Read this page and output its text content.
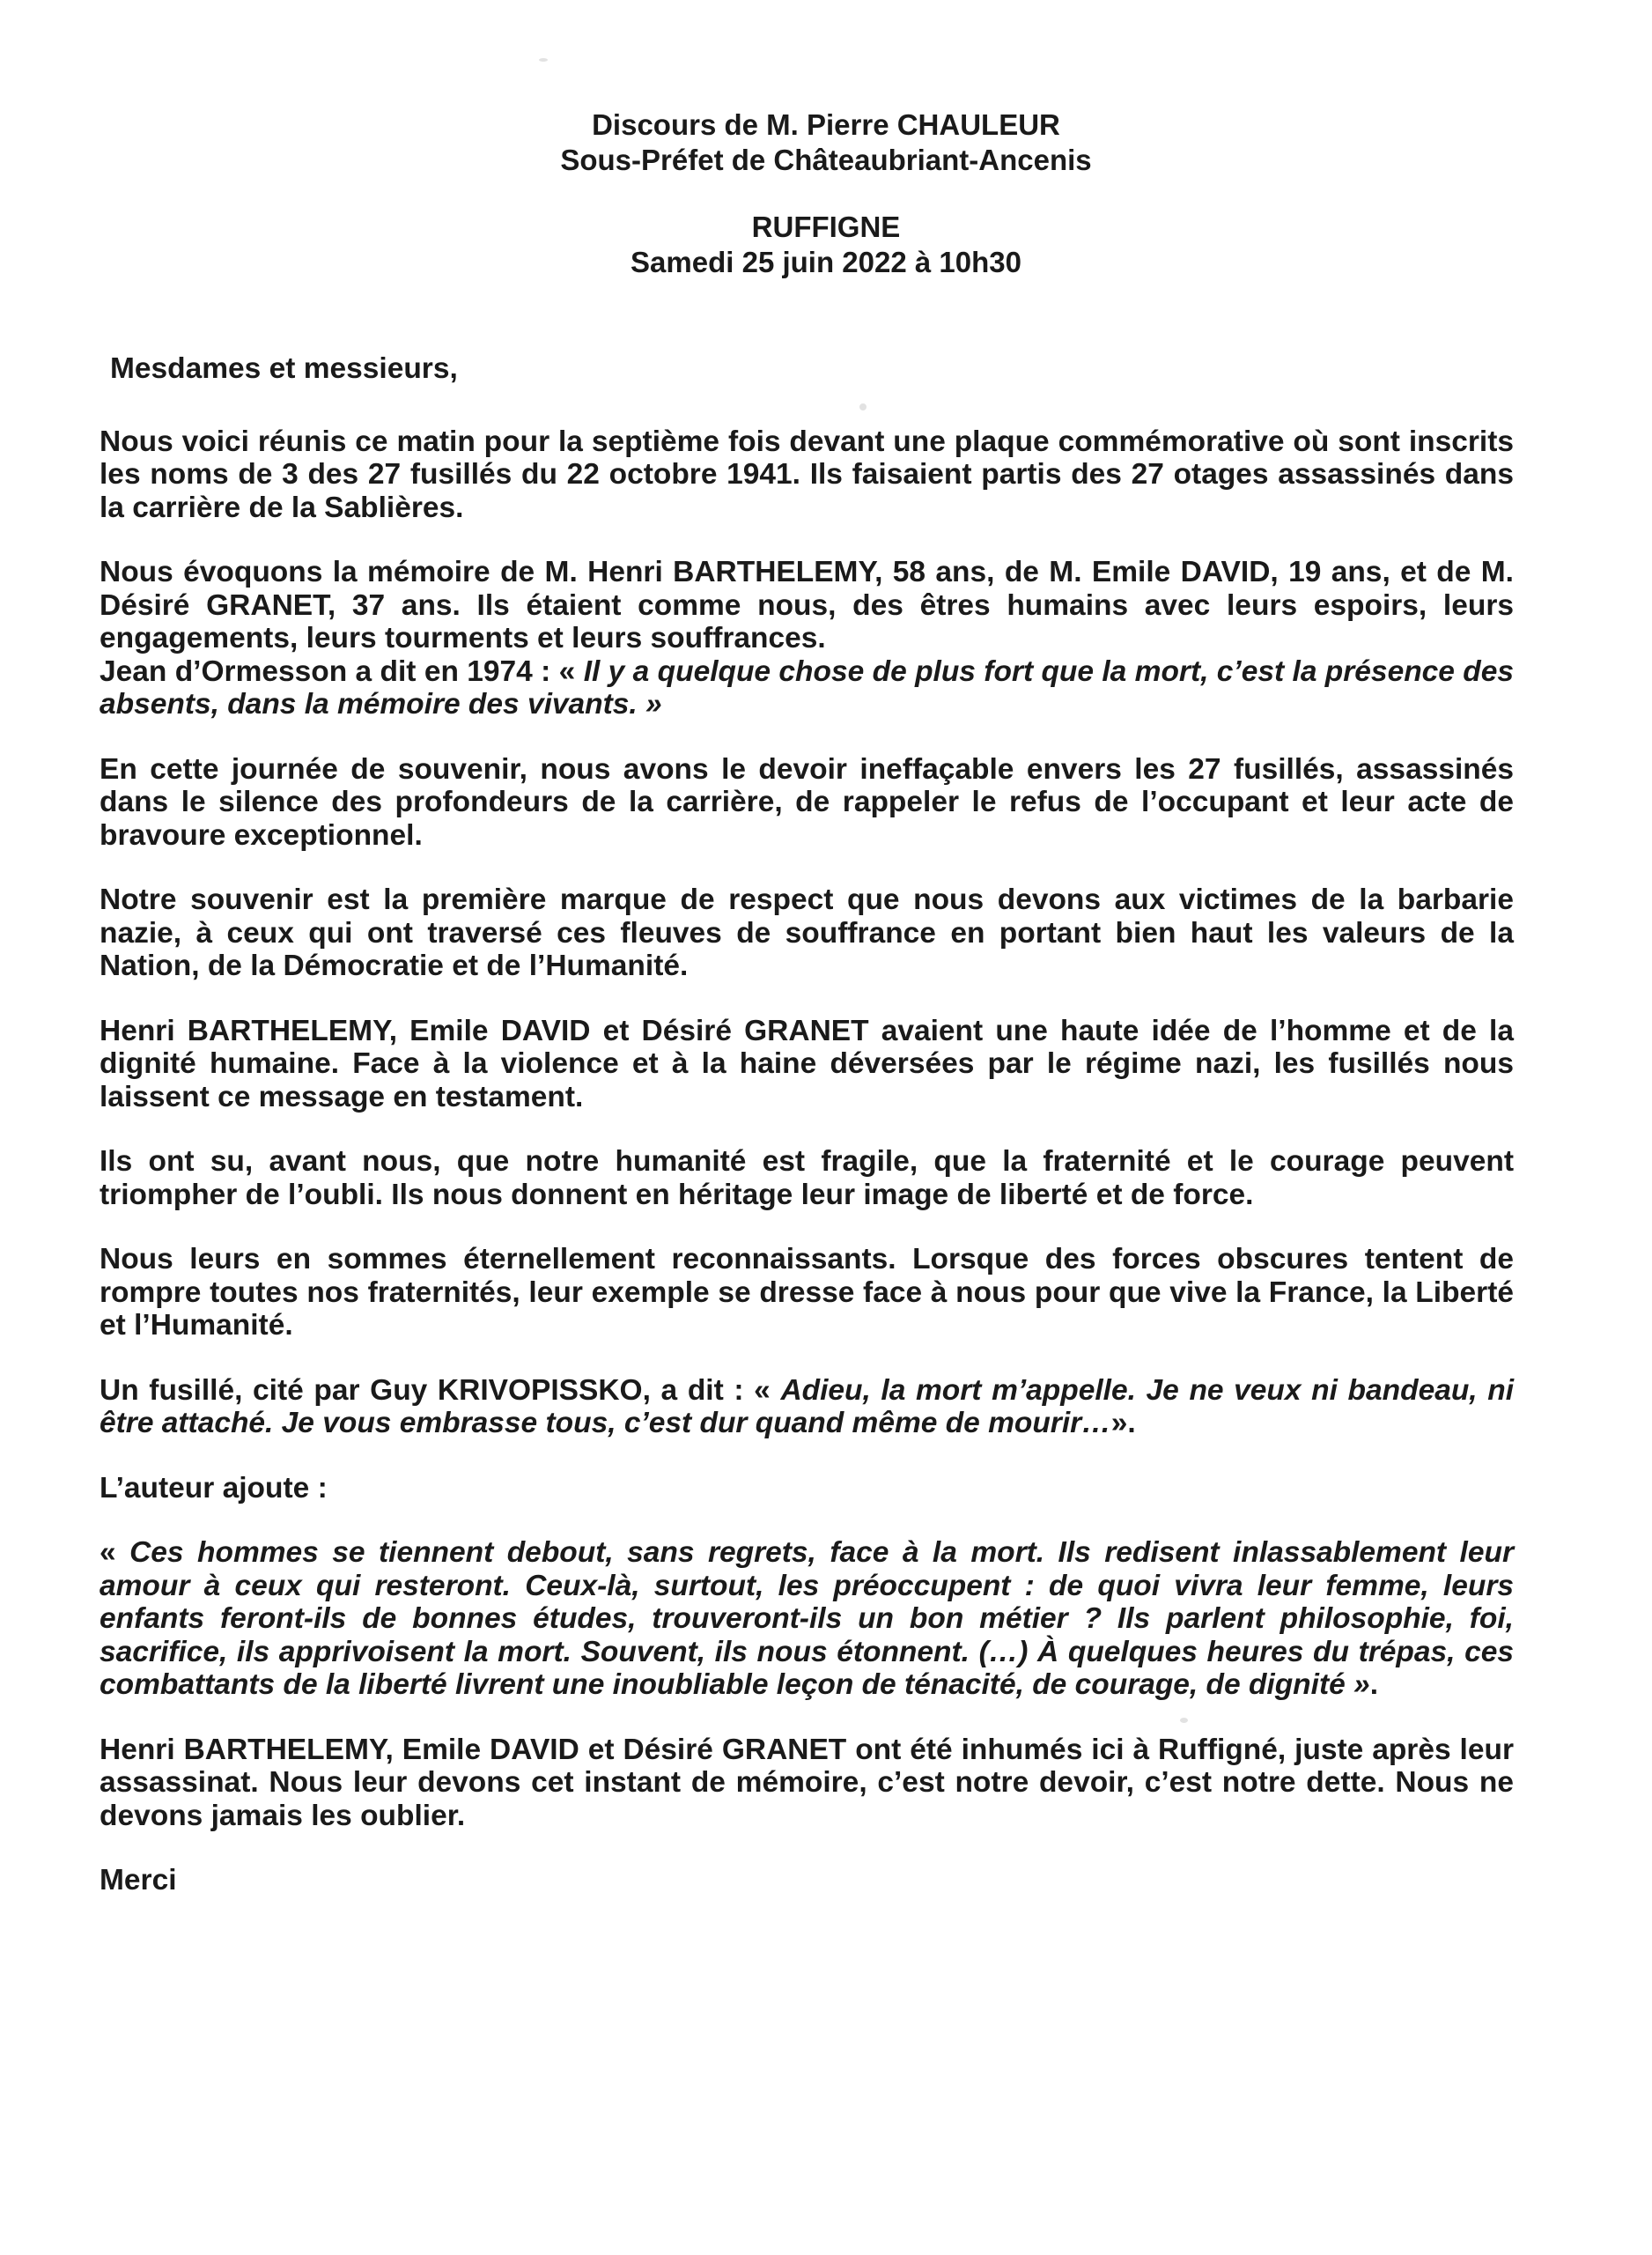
Discours de M. Pierre CHAULEUR
Sous-Préfet de Châteaubriant-Ancenis
RUFFIGNE
Samedi 25 juin 2022 à 10h30
Mesdames et messieurs,

Nous voici réunis ce matin pour la septième fois devant une plaque commémorative où sont inscrits les noms de 3 des 27 fusillés du 22 octobre 1941. Ils faisaient partis des 27 otages assassinés dans la carrière de la Sablières.

Nous évoquons la mémoire de M. Henri BARTHELEMY, 58 ans, de M. Emile DAVID, 19 ans, et de M. Désiré GRANET, 37 ans. Ils étaient comme nous, des êtres humains avec leurs espoirs, leurs engagements, leurs tourments et leurs souffrances.

Jean d’Ormesson a dit en 1974 : « Il y a quelque chose de plus fort que la mort, c’est la présence des absents, dans la mémoire des vivants. »

En cette journée de souvenir, nous avons le devoir ineffaçable envers les 27 fusillés, assassinés dans le silence des profondeurs de la carrière, de rappeler le refus de l’occupant et leur acte de bravoure exceptionnel.

Notre souvenir est la première marque de respect que nous devons aux victimes de la barbarie nazie, à ceux qui ont traversé ces fleuves de souffrance en portant bien haut les valeurs de la Nation, de la Démocratie et de l’Humanité.

Henri BARTHELEMY, Emile DAVID et Désiré GRANET avaient une haute idée de l’homme et de la dignité humaine. Face à la violence et à la haine déversées par le régime nazi, les fusillés nous laissent ce message en testament.

Ils ont su, avant nous, que notre humanité est fragile, que la fraternité et le courage peuvent triompher de l’oubli. Ils nous donnent en héritage leur image de liberté et de force.

Nous leurs en sommes éternellement reconnaissants. Lorsque des forces obscures tentent de rompre toutes nos fraternités, leur exemple se dresse face à nous pour que vive la France, la Liberté et l’Humanité.

Un fusillé, cité par Guy KRIVOPISSKO, a dit : « Adieu, la mort m’appelle. Je ne veux ni bandeau, ni être attaché. Je vous embrasse tous, c’est dur quand même de mourir…».

L’auteur ajoute :

« Ces hommes se tiennent debout, sans regrets, face à la mort. Ils redisent inlassablement leur amour à ceux qui resteront. Ceux-là, surtout, les préoccupent : de quoi vivra leur femme, leurs enfants feront-ils de bonnes études, trouveront-ils un bon métier ? Ils parlent philosophie, foi, sacrifice, ils apprivoisent la mort. Souvent, ils nous étonnent. (…) À quelques heures du trépas, ces combattants de la liberté livrent une inoubliable leçon de ténacité, de courage, de dignité ».

Henri BARTHELEMY, Emile DAVID et Désiré GRANET ont été inhumés ici à Ruffigné, juste après leur assassinat. Nous leur devons cet instant de mémoire, c’est notre devoir, c’est notre dette. Nous ne devons jamais les oublier.

Merci
